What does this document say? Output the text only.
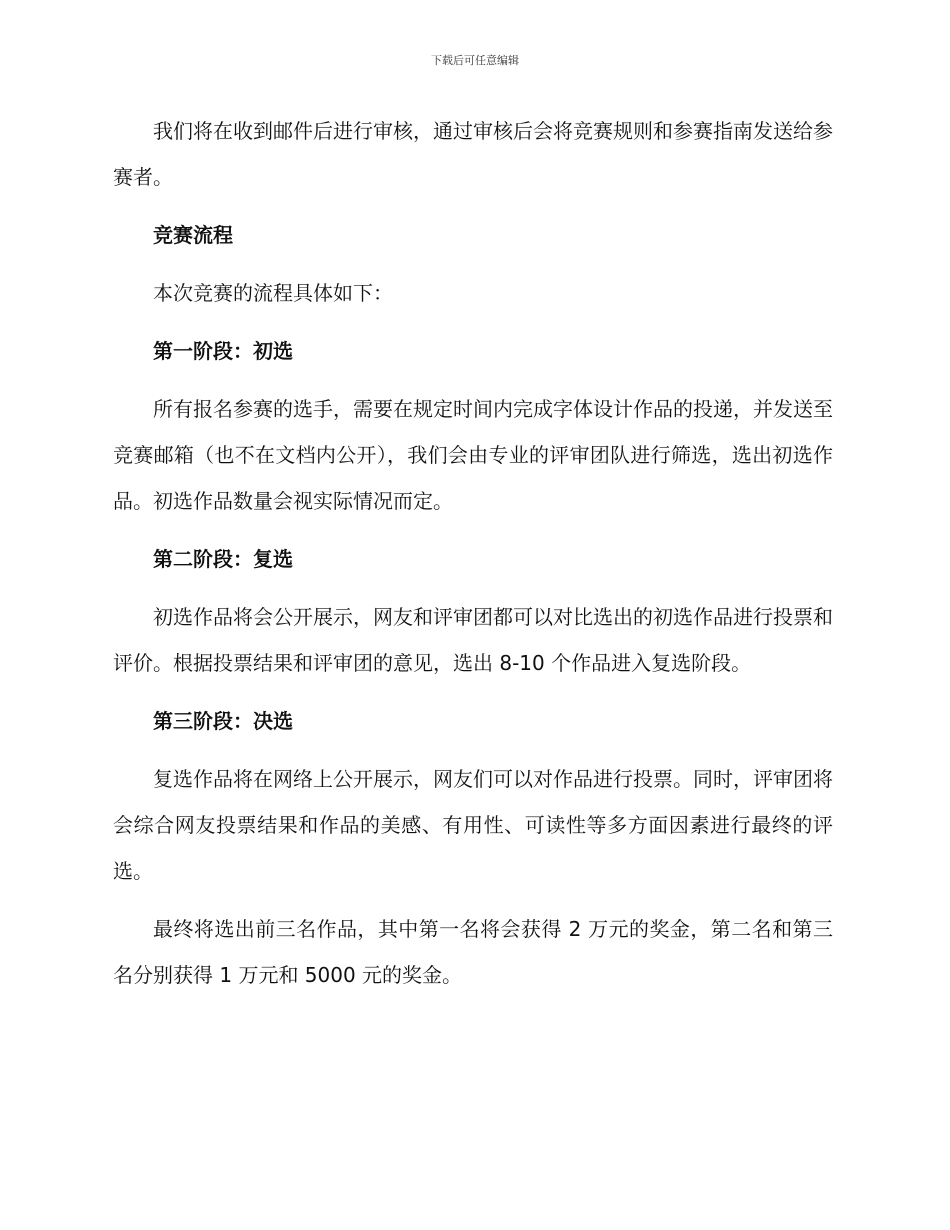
下载后可任意编辑

我们将在收到邮件后进行审核，通过审核后会将竞赛规则和参赛指南发送给参赛者。

竞赛流程

本次竞赛的流程具体如下：

第一阶段：初选

所有报名参赛的选手，需要在规定时间内完成字体设计作品的投递，并发送至竞赛邮箱（也不在文档内公开），我们会由专业的评审团队进行筛选，选出初选作品。初选作品数量会视实际情况而定。

第二阶段：复选

初选作品将会公开展示，网友和评审团都可以对比选出的初选作品进行投票和评价。根据投票结果和评审团的意见，选出 8-10 个作品进入复选阶段。

第三阶段：决选

复选作品将在网络上公开展示，网友们可以对作品进行投票。同时，评审团将会综合网友投票结果和作品的美感、有用性、可读性等多方面因素进行最终的评选。

最终将选出前三名作品，其中第一名将会获得 2 万元的奖金，第二名和第三名分别获得 1 万元和 5000 元的奖金。
